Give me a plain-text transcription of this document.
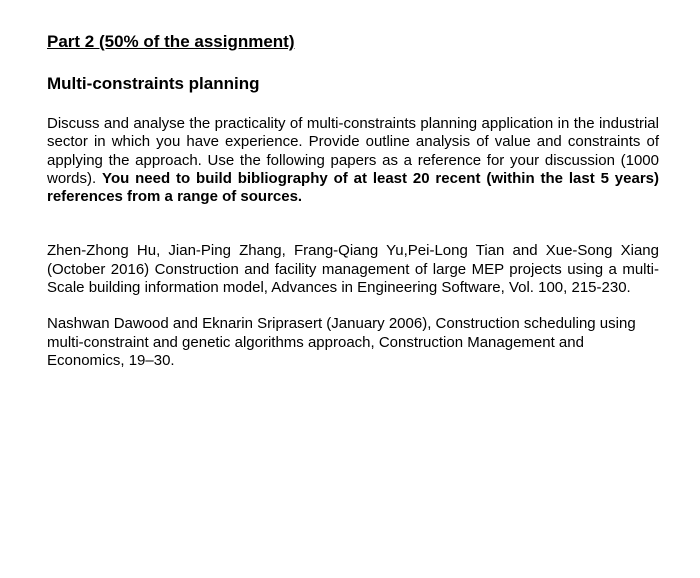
Part 2 (50% of the assignment)
Multi-constraints planning

Discuss and analyse the practicality of multi-constraints planning application in the industrial sector in which you have experience. Provide outline analysis of value and constraints of applying the approach. Use the following papers as a reference for your discussion (1000 words). You need to build bibliography of at least 20 recent (within the last 5 years) references from a range of sources.

Zhen-Zhong Hu, Jian-Ping Zhang, Frang-Qiang Yu,Pei-Long Tian and Xue-Song Xiang (October 2016) Construction and facility management of large MEP projects using a multi-Scale building information model, Advances in Engineering Software, Vol. 100, 215-230.

Nashwan Dawood and Eknarin Sriprasert (January 2006), Construction scheduling using multi-constraint and genetic algorithms approach, Construction Management and Economics, 19–30.
